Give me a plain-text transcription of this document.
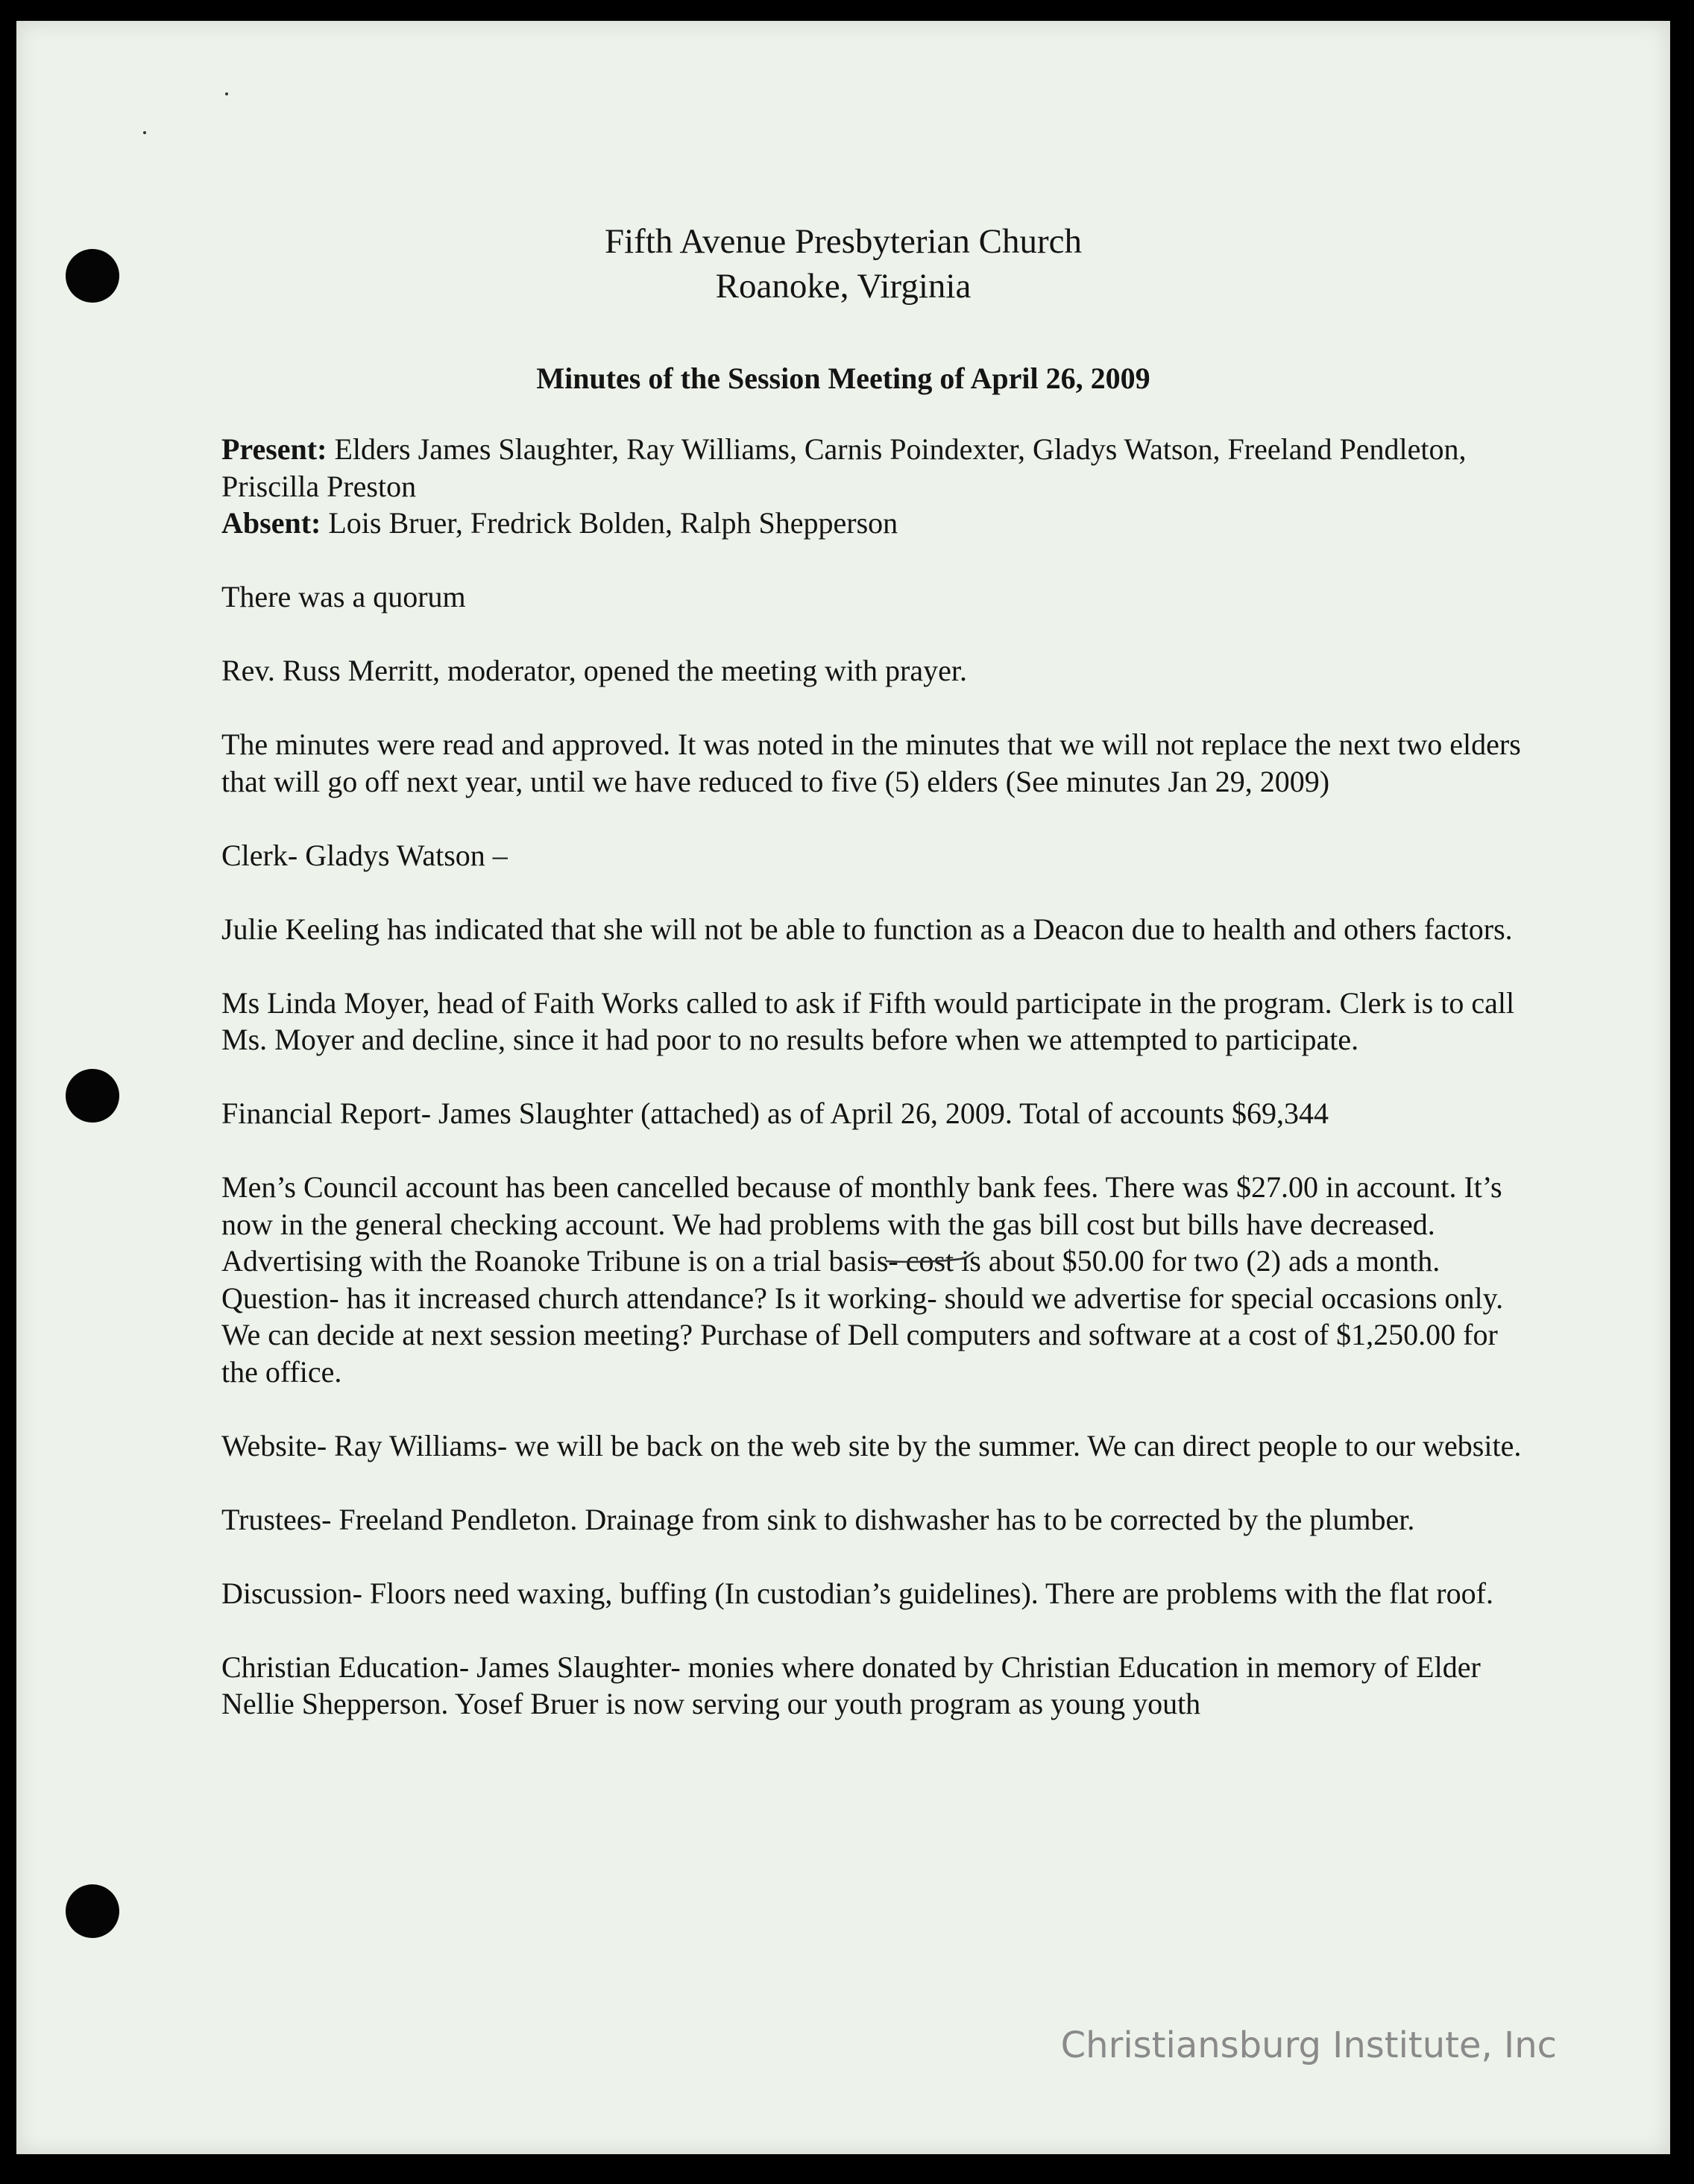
Fifth Avenue Presbyterian Church
Roanoke, Virginia
Minutes of the Session Meeting of April 26, 2009

Present: Elders James Slaughter, Ray Williams, Carnis Poindexter, Gladys Watson, Freeland Pendleton, Priscilla Preston
Absent: Lois Bruer, Fredrick Bolden, Ralph Shepperson

There was a quorum

Rev. Russ Merritt, moderator, opened the meeting with prayer.

The minutes were read and approved. It was noted in the minutes that we will not replace the next two elders that will go off next year, until we have reduced to five (5) elders (See minutes Jan 29, 2009)

Clerk- Gladys Watson –

Julie Keeling has indicated that she will not be able to function as a Deacon due to health and others factors.

Ms Linda Moyer, head of Faith Works called to ask if Fifth would participate in the program. Clerk is to call Ms. Moyer and decline, since it had poor to no results before when we attempted to participate.

Financial Report- James Slaughter (attached) as of April 26, 2009. Total of accounts $69,344

Men’s Council account has been cancelled because of monthly bank fees. There was $27.00 in account. It’s now in the general checking account. We had problems with the gas bill cost but bills have decreased. Advertising with the Roanoke Tribune is on a trial basis- cost is about $50.00 for two (2) ads a month. Question- has it increased church attendance? Is it working- should we advertise for special occasions only. We can decide at next session meeting? Purchase of Dell computers and software at a cost of $1,250.00 for the office.

Website- Ray Williams- we will be back on the web site by the summer. We can direct people to our website.

Trustees- Freeland Pendleton. Drainage from sink to dishwasher has to be corrected by the plumber.

Discussion- Floors need waxing, buffing (In custodian’s guidelines). There are problems with the flat roof.

Christian Education- James Slaughter- monies where donated by Christian Education in memory of Elder Nellie Shepperson. Yosef Bruer is now serving our youth program as young youth

Christiansburg Institute, Inc
